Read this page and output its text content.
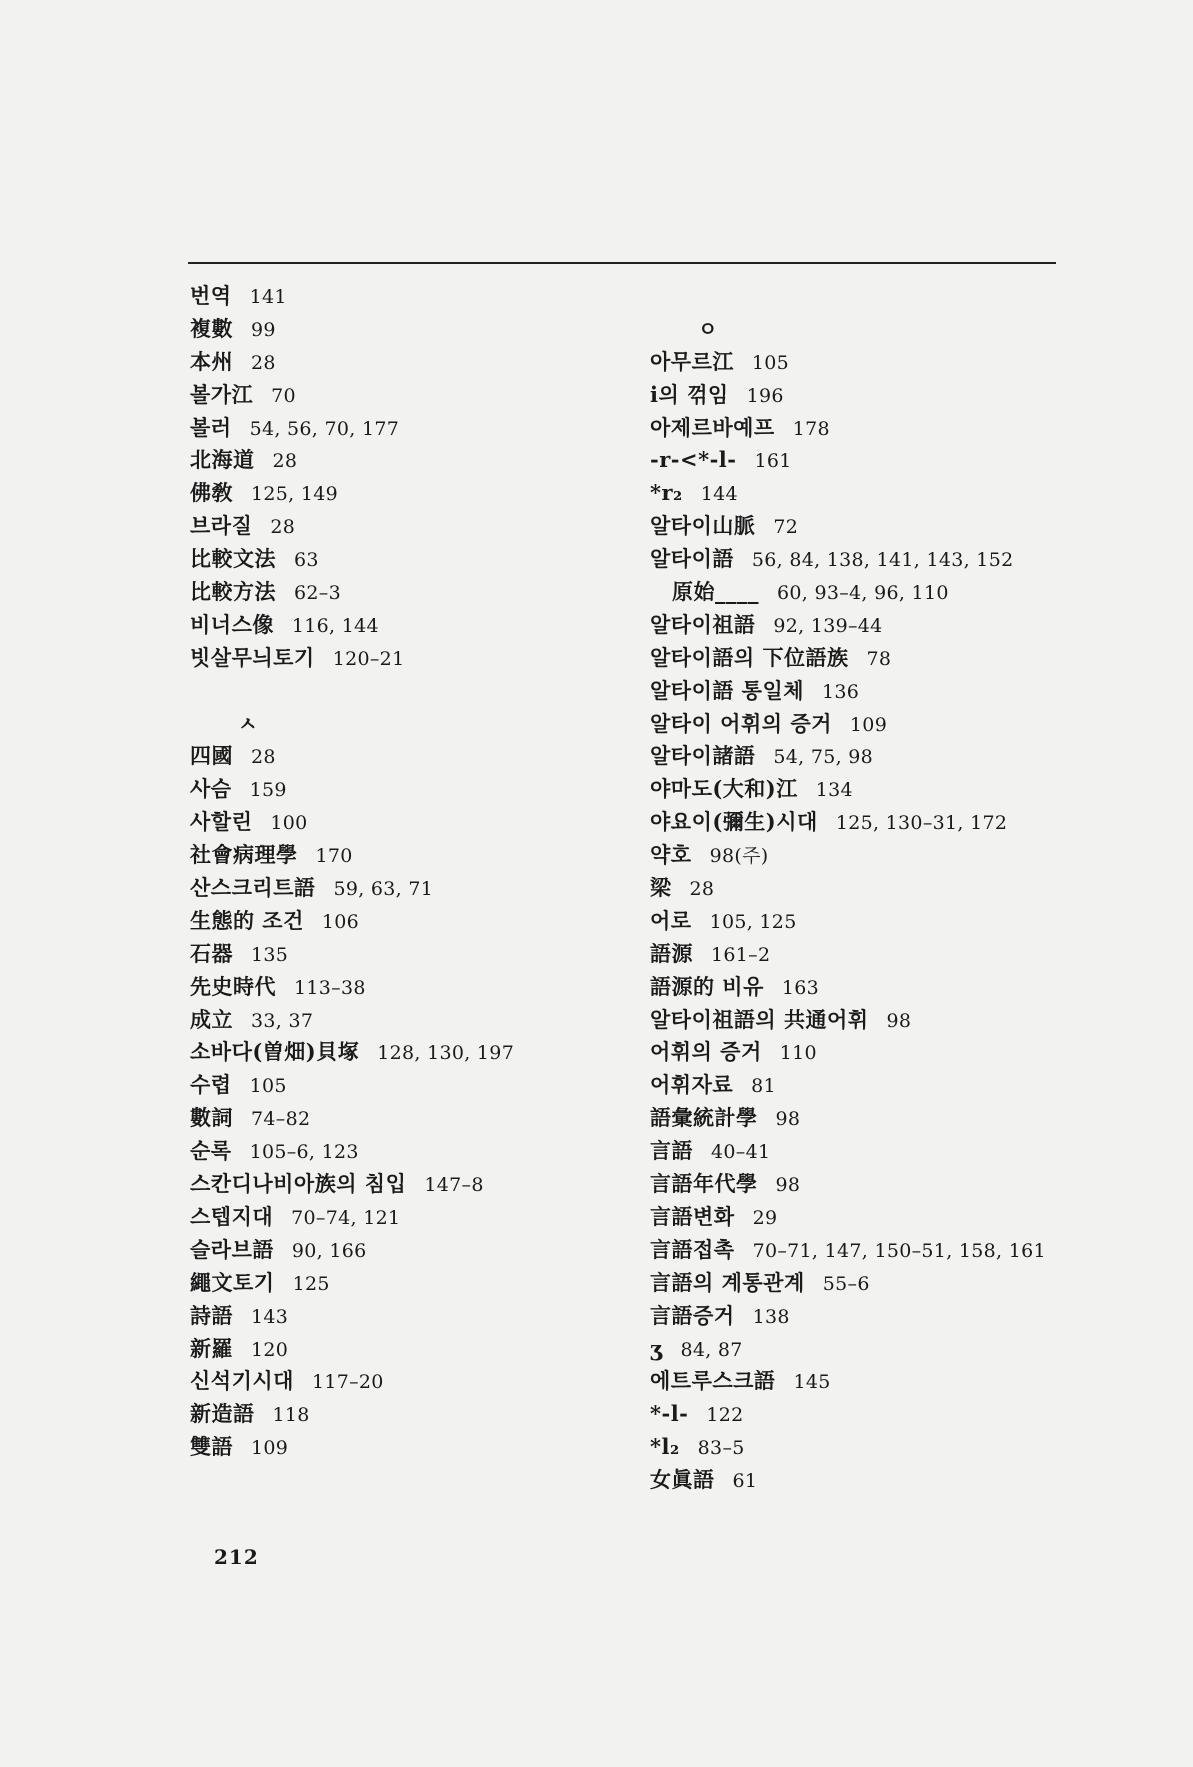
번역 141
複數 99
本州 28
볼가江 70
볼러 54, 56, 70, 177
北海道 28
佛敎 125, 149
브라질 28
比較文法 63
比較方法 62–3
비너스像 116, 144
빗살무늬토기 120–21
ㅅ
四國 28
사슴 159
사할린 100
社會病理學 170
산스크리트語 59, 63, 71
生態的 조건 106
石器 135
先史時代 113–38
成立 33, 37
소바다(曽畑)貝塚 128, 130, 197
수렵 105
數詞 74–82
순록 105–6, 123
스칸디나비아族의 침입 147–8
스텝지대 70–74, 121
슬라브語 90, 166
繩文토기 125
詩語 143
新羅 120
신석기시대 117–20
新造語 118
雙語 109
ㅇ
아무르江 105
i의 꺾임 196
아제르바예프 178
-r-<*-l- 161
*r₂ 144
알타이山脈 72
알타이語 56, 84, 138, 141, 143, 152
原始____ 60, 93–4, 96, 110
알타이祖語 92, 139–44
알타이語의 下位語族 78
알타이語 통일체 136
알타이 어휘의 증거 109
알타이諸語 54, 75, 98
야마도(大和)江 134
야요이(彌生)시대 125, 130–31, 172
약호 98(주)
梁 28
어로 105, 125
語源 161–2
語源的 비유 163
알타이祖語의 共通어휘 98
어휘의 증거 110
어휘자료 81
語彙統計學 98
言語 40–41
言語年代學 98
言語변화 29
言語접촉 70–71, 147, 150–51, 158, 161
言語의 계통관계 55–6
言語증거 138
ʒ 84, 87
에트루스크語 145
*-l- 122
*l₂ 83–5
女眞語 61
212
